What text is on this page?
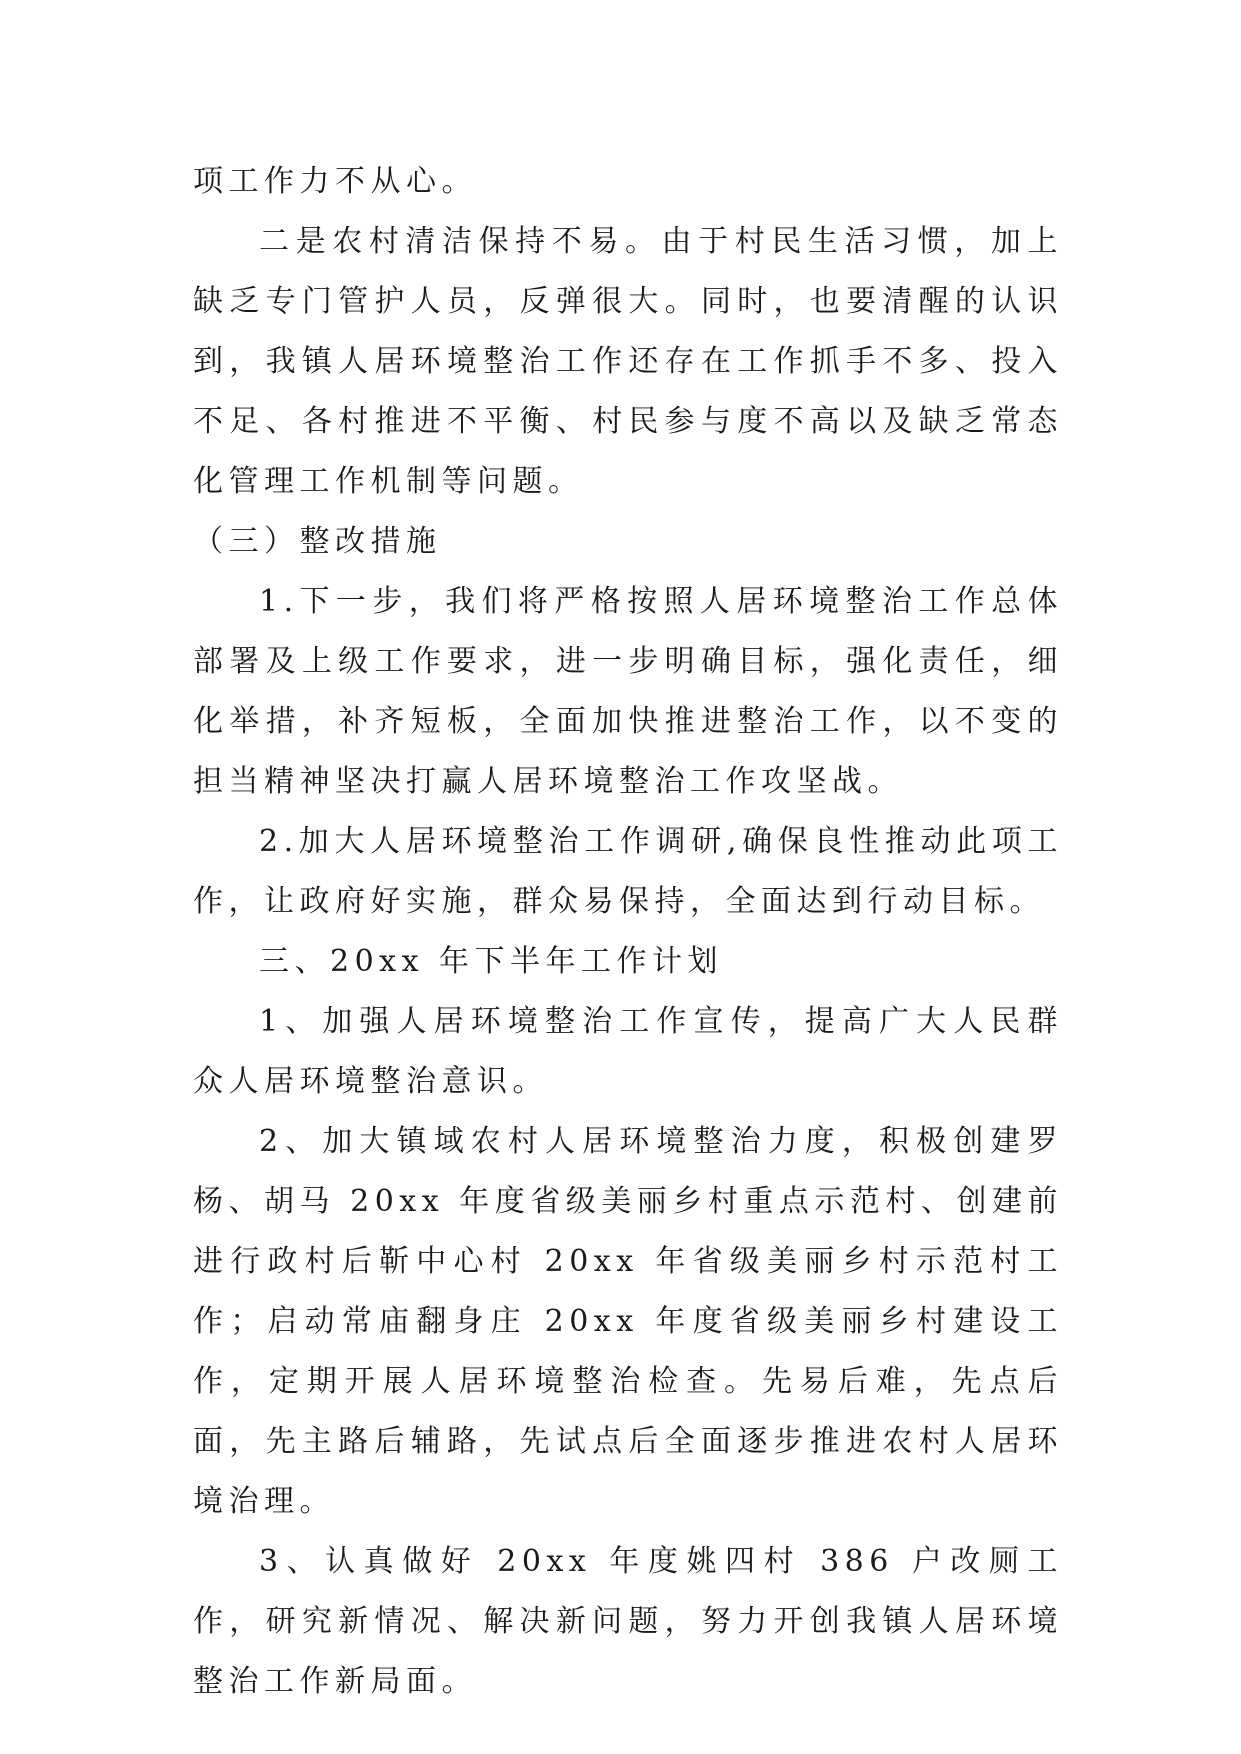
项工作力不从心。

二是农村清洁保持不易。由于村民生活习惯，加上缺乏专门管护人员，反弹很大。同时，也要清醒的认识到，我镇人居环境整治工作还存在工作抓手不多、投入不足、各村推进不平衡、村民参与度不高以及缺乏常态化管理工作机制等问题。

（三）整改措施

1.下一步，我们将严格按照人居环境整治工作总体部署及上级工作要求，进一步明确目标，强化责任，细化举措，补齐短板，全面加快推进整治工作，以不变的担当精神坚决打赢人居环境整治工作攻坚战。

2.加大人居环境整治工作调研,确保良性推动此项工作，让政府好实施，群众易保持，全面达到行动目标。

三、20xx 年下半年工作计划

1、加强人居环境整治工作宣传，提高广大人民群众人居环境整治意识。

2、加大镇域农村人居环境整治力度，积极创建罗杨、胡马 20xx 年度省级美丽乡村重点示范村、创建前进行政村后靳中心村 20xx 年省级美丽乡村示范村工作；启动常庙翻身庄 20xx 年度省级美丽乡村建设工作，定期开展人居环境整治检查。先易后难，先点后面，先主路后辅路，先试点后全面逐步推进农村人居环境治理。

3、认真做好 20xx 年度姚四村 386 户改厕工作，研究新情况、解决新问题，努力开创我镇人居环境整治工作新局面。
